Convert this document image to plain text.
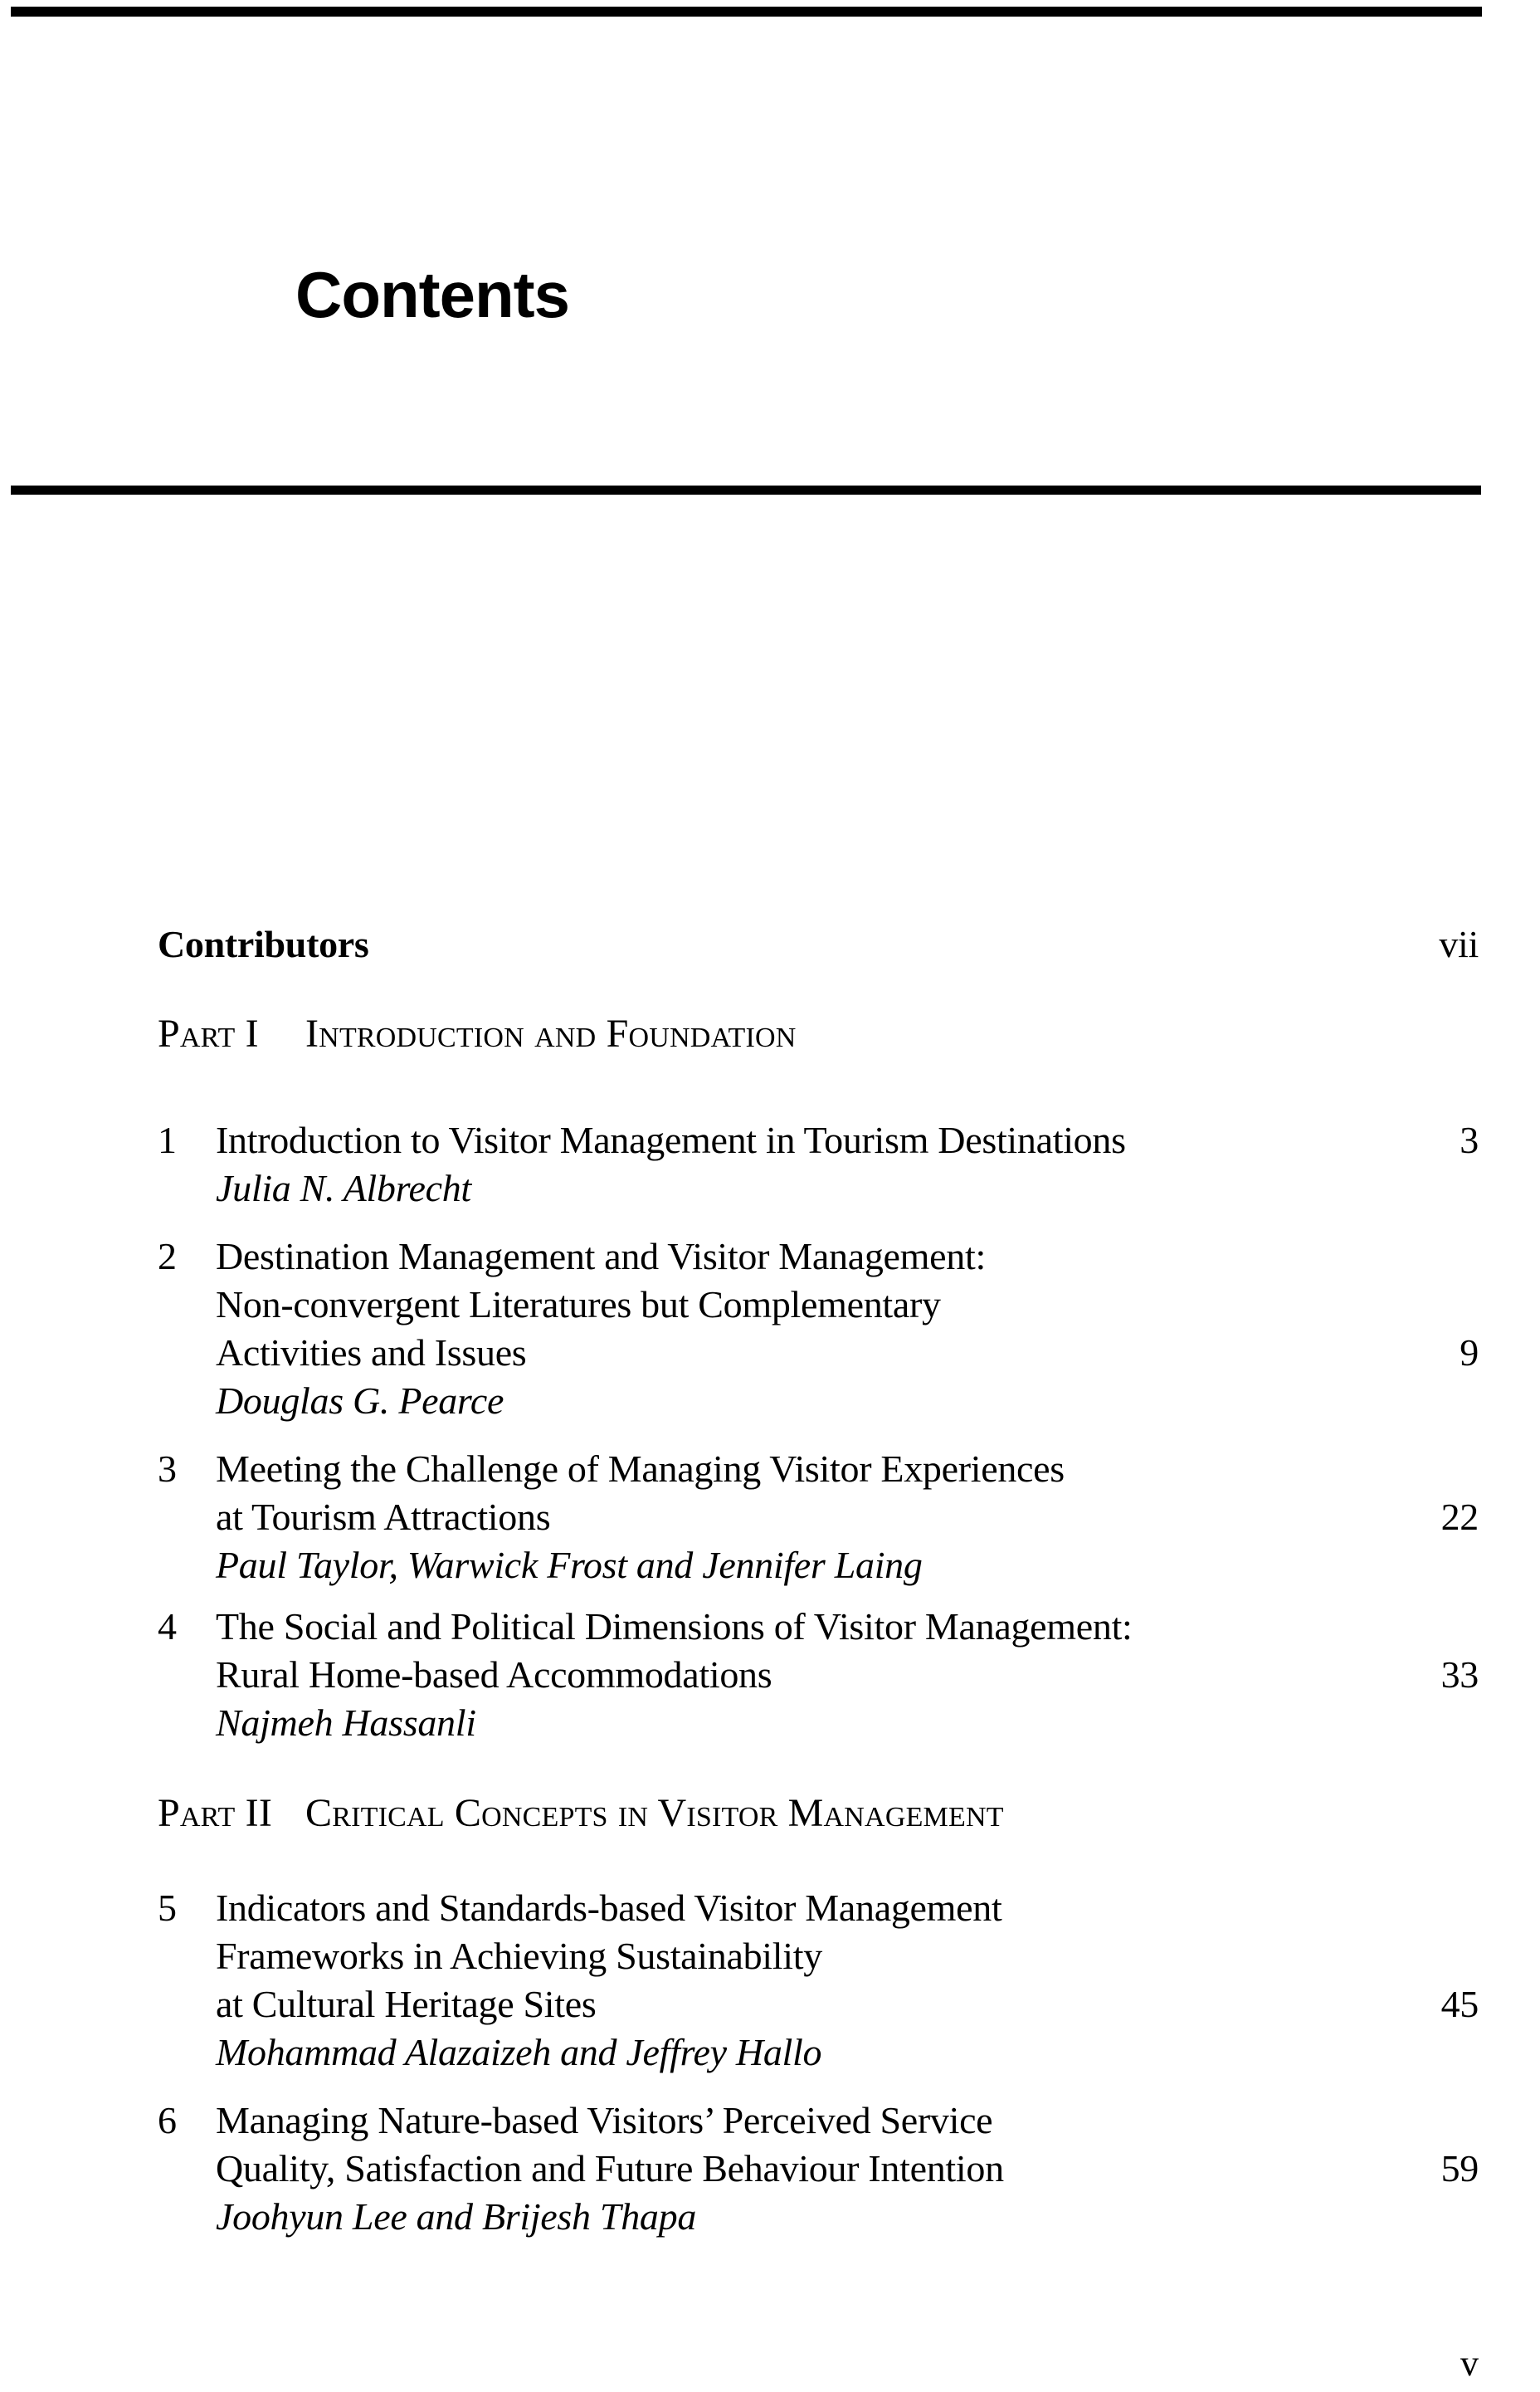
Contents
Contributors	vii
Part I Introduction and Foundation
1 Introduction to Visitor Management in Tourism Destinations	3
Julia N. Albrecht
2 Destination Management and Visitor Management:
Non-convergent Literatures but Complementary
Activities and Issues	9
Douglas G. Pearce
3 Meeting the Challenge of Managing Visitor Experiences
at Tourism Attractions	22
Paul Taylor, Warwick Frost and Jennifer Laing
4 The Social and Political Dimensions of Visitor Management:
Rural Home-based Accommodations	33
Najmeh Hassanli
Part II Critical Concepts in Visitor Management
5 Indicators and Standards-based Visitor Management
Frameworks in Achieving Sustainability
at Cultural Heritage Sites	45
Mohammad Alazaizeh and Jeffrey Hallo
6 Managing Nature-based Visitors’ Perceived Service
Quality, Satisfaction and Future Behaviour Intention	59
Joohyun Lee and Brijesh Thapa
v
